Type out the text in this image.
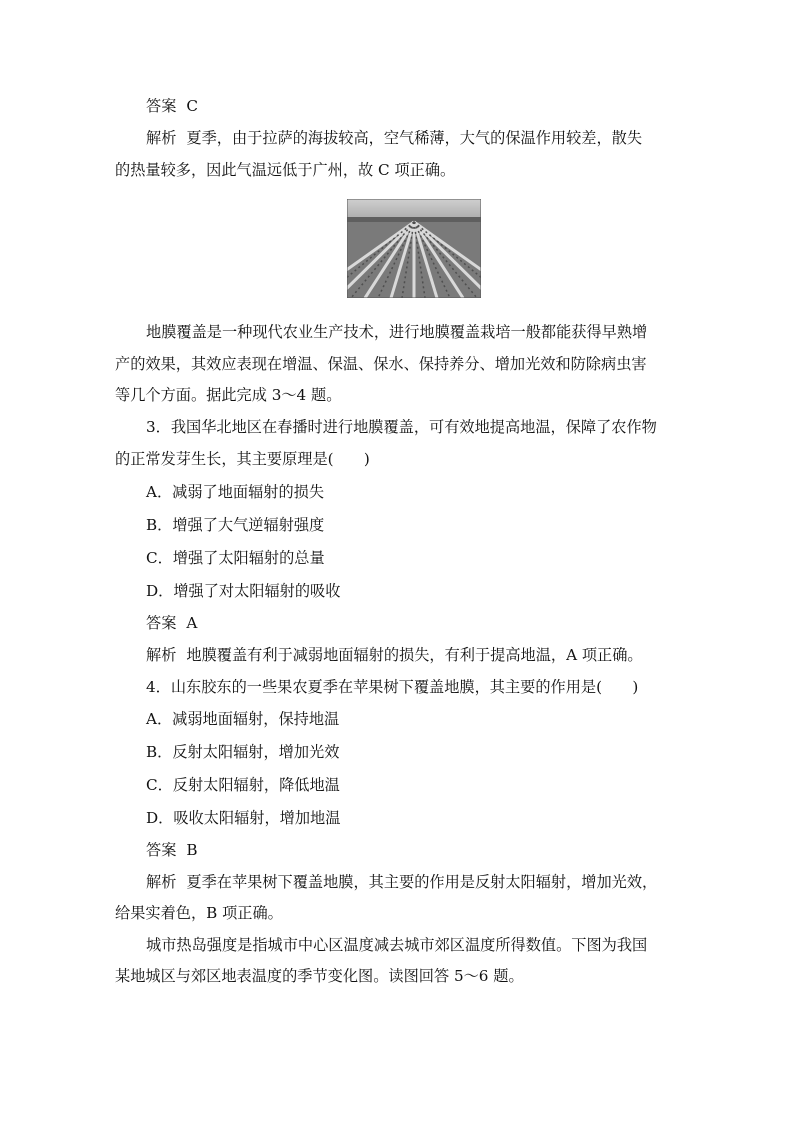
答案 C
解析 夏季，由于拉萨的海拔较高，空气稀薄，大气的保温作用较差，散失
的热量较多，因此气温远低于广州，故 C 项正确。
地膜覆盖是一种现代农业生产技术，进行地膜覆盖栽培一般都能获得早熟增
产的效果，其效应表现在增温、保温、保水、保持养分、增加光效和防除病虫害
等几个方面。据此完成 3～4 题。
3．我国华北地区在春播时进行地膜覆盖，可有效地提高地温，保障了农作物
的正常发芽生长，其主要原理是(　　)
A．减弱了地面辐射的损失
B．增强了大气逆辐射强度
C．增强了太阳辐射的总量
D．增强了对太阳辐射的吸收
答案 A
解析 地膜覆盖有利于减弱地面辐射的损失，有利于提高地温，A 项正确。
4．山东胶东的一些果农夏季在苹果树下覆盖地膜，其主要的作用是(　　)
A．减弱地面辐射，保持地温
B．反射太阳辐射，增加光效
C．反射太阳辐射，降低地温
D．吸收太阳辐射，增加地温
答案 B
解析 夏季在苹果树下覆盖地膜，其主要的作用是反射太阳辐射，增加光效，
给果实着色，B 项正确。
城市热岛强度是指城市中心区温度减去城市郊区温度所得数值。下图为我国
某地城区与郊区地表温度的季节变化图。读图回答 5～6 题。
